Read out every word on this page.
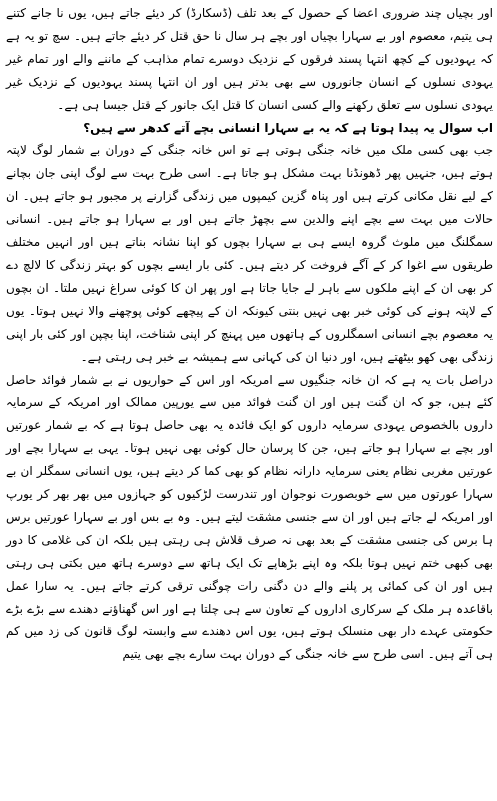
اور بچیاں چند ضروری اعضا کے حصول کے بعد تلف (ڈسکارڈ) کر دیئے جاتے ہیں، یوں نا جانے کتنے ہی یتیم، معصوم اور بے سہارا بچیاں اور بچے ہر سال نا حق قتل کر دیئے جاتے ہیں۔ سچ تو یہ ہے کہ یہودیوں کے کچھ انتہا پسند فرقوں کے نزدیک دوسرے تمام مذاہب کے ماننے والے اور تمام غیر یہودی نسلوں کے انسان جانوروں سے بھی بدتر ہیں اور ان انتہا پسند یہودیوں کے نزدیک غیر یہودی نسلوں سے تعلق رکھنے والے کسی انسان کا قتل ایک جانور کے قتل جیسا ہی ہے۔

اب سوال یہ پیدا ہوتا ہے کہ یہ بے سہارا انسانی بچے آتے کدھر سے ہیں؟

جب بھی کسی ملک میں خانہ جنگی ہوتی ہے تو اس خانہ جنگی کے دوران بے شمار لوگ لاپتہ ہوتے ہیں، جنہیں پھر ڈھونڈنا بہت مشکل ہو جاتا ہے۔ اسی طرح بہت سے لوگ اپنی جان بچانے کے لیے نقل مکانی کرتے ہیں اور پناہ گزین کیمپوں میں زندگی گزارنے پر مجبور ہو جاتے ہیں۔ ان حالات میں بہت سے بچے اپنے والدین سے بچھڑ جاتے ہیں اور بے سہارا ہو جاتے ہیں۔ انسانی سمگلنگ میں ملوث گروہ ایسے ہی بے سہارا بچوں کو اپنا نشانہ بناتے ہیں اور انہیں مختلف طریقوں سے اغوا کر کے آگے فروخت کر دیتے ہیں۔ کئی بار ایسے بچوں کو بہتر زندگی کا لالچ دے کر بھی ان کے اپنے ملکوں سے باہر لے جایا جاتا ہے اور پھر ان کا کوئی سراغ نہیں ملتا۔ ان بچوں کے لاپتہ ہونے کی کوئی خبر بھی نہیں بنتی کیونکہ ان کے پیچھے کوئی پوچھنے والا نہیں ہوتا۔ یوں یہ معصوم بچے انسانی اسمگلروں کے ہاتھوں میں پہنچ کر اپنی شناخت، اپنا بچپن اور کئی بار اپنی زندگی بھی کھو بیٹھتے ہیں، اور دنیا ان کی کہانی سے ہمیشہ بے خبر ہی رہتی ہے۔

دراصل بات یہ ہے کہ ان خانہ جنگیوں سے امریکہ اور اس کے حواریوں نے بے شمار فوائد حاصل کئے ہیں، جو کہ ان گنت ہیں اور ان گنت فوائد میں سے یورپین ممالک اور امریکہ کے سرمایہ داروں بالخصوص یہودی سرمایہ داروں کو ایک فائدہ یہ بھی حاصل ہوتا ہے کہ بے شمار عورتیں اور بچے بے سہارا ہو جاتے ہیں، جن کا پرسان حال کوئی بھی نہیں ہوتا۔ یہی بے سہارا بچے اور عورتیں مغربی نظام یعنی سرمایہ دارانہ نظام کو بھی کما کر دیتے ہیں، یوں انسانی سمگلر ان بے سہارا عورتوں میں سے خوبصورت نوجوان اور تندرست لڑکیوں کو جہازوں میں بھر بھر کر یورپ اور امریکہ لے جاتے ہیں اور ان سے جنسی مشقت لیتے ہیں۔ وہ بے بس اور بے سہارا عورتیں برس ہا برس کی جنسی مشقت کے بعد بھی نہ صرف قلاش ہی رہتی ہیں بلکہ ان کی غلامی کا دور بھی کبھی ختم نہیں ہوتا بلکہ وہ اپنے بڑھاپے تک ایک ہاتھ سے دوسرے ہاتھ میں بکتی ہی رہتی ہیں اور ان کی کمائی پر پلنے والے دن دگنی رات چوگنی ترقی کرتے جاتے ہیں۔ یہ سارا عمل باقاعدہ ہر ملک کے سرکاری اداروں کے تعاون سے ہی چلتا ہے اور اس گھناؤنے دھندے سے بڑے بڑے حکومتی عہدے دار بھی منسلک ہوتے ہیں، یوں اس دھندے سے وابستہ لوگ قانون کی زد میں کم ہی آتے ہیں۔ اسی طرح سے خانہ جنگی کے دوران بہت سارے بچے بھی یتیم
